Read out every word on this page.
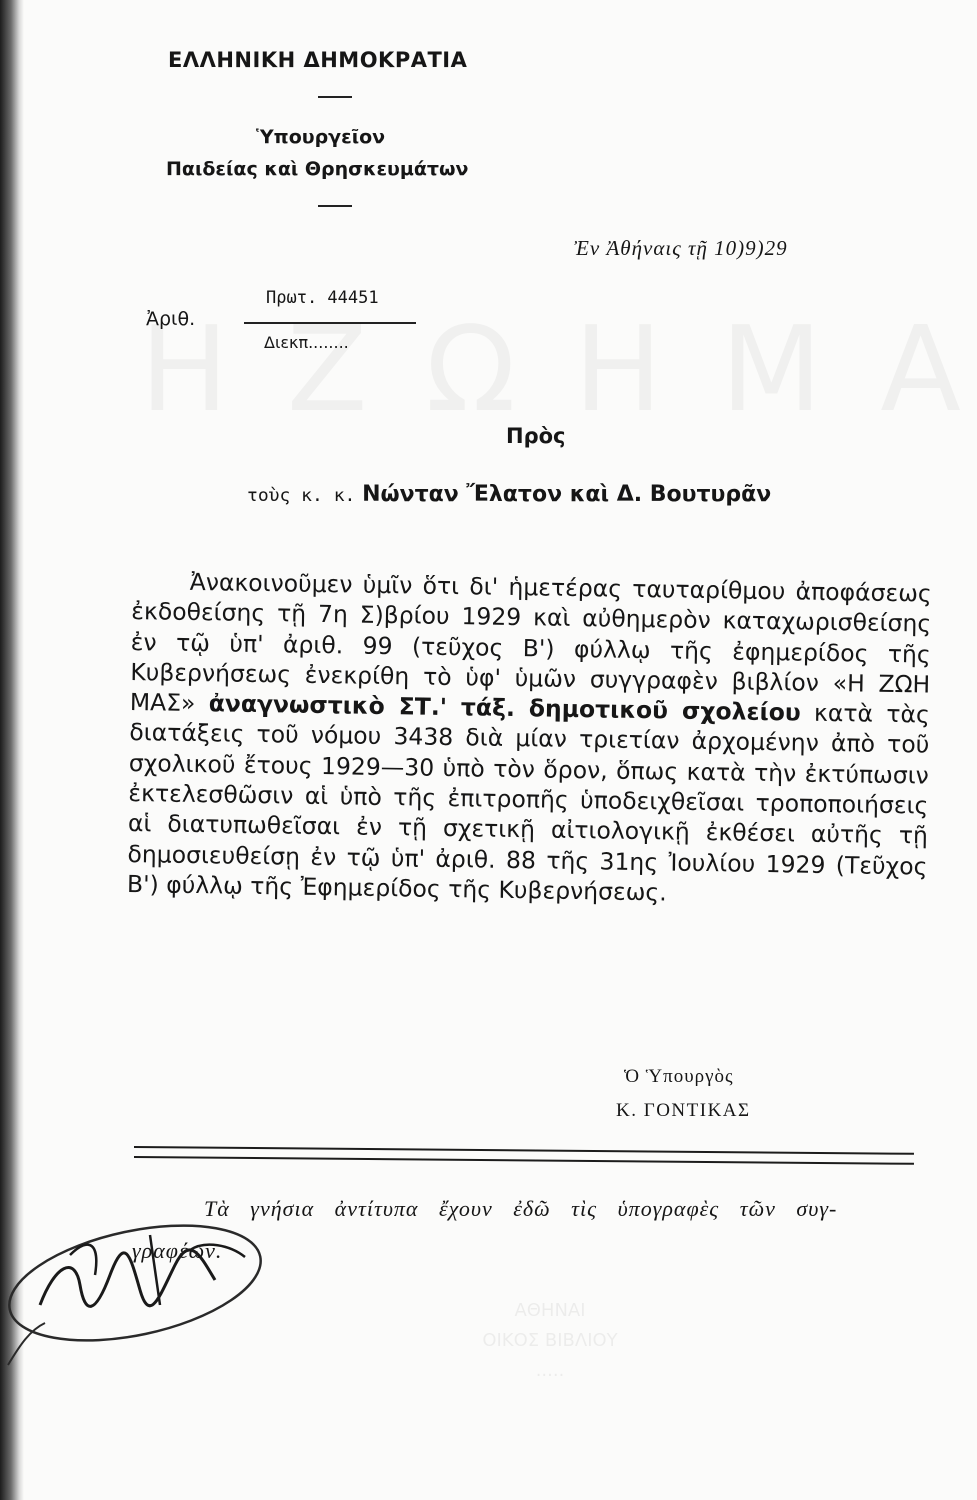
ΕΛΛΗΝΙΚΗ ΔΗΜΟΚΡΑΤΙΑ
Ὑπουργεῖον
Παιδείας καὶ Θρησκευμάτων
Ἐν Ἀθήναις τῇ 10)9)29
Ἀριθ.
Πρωτ. 44451
Διεκπ........
Πρὸς
τοὺς κ. κ. Νώνταν Ἔλατον καὶ Δ. Βουτυρᾶν
Ἀνακοινοῦμεν ὑμῖν ὅτι δι' ἡμετέρας ταυταρίθμου ἀποφάσεως ἐκδοθείσης τῇ 7η Σ)βρίου 1929 καὶ αὐθημερὸν καταχωρισθείσης ἐν τῷ ὑπ' ἀριθ. 99 (τεῦχος Β') φύλλῳ τῆς ἐφημερίδος τῆς Κυβερνήσεως ἐνεκρίθη τὸ ὑφ' ὑμῶν συγγραφὲν βιβλίον «Η ΖΩΗ ΜΑΣ» ἀναγνωστικὸ ΣΤ.' τάξ. δημοτικοῦ σχολείου κατὰ τὰς διατάξεις τοῦ νόμου 3438 διὰ μίαν τριετίαν ἀρχομένην ἀπὸ τοῦ σχολικοῦ ἔτους 1929—30 ὑπὸ τὸν ὅρον, ὅπως κατὰ τὴν ἐκτύπωσιν ἐκτελεσθῶσιν αἱ ὑπὸ τῆς ἐπιτροπῆς ὑποδειχθεῖσαι τροποποιήσεις αἱ διατυπωθεῖσαι ἐν τῇ σχετικῇ αἰτιολογικῇ ἐκθέσει αὐτῆς τῇ δημοσιευθείσῃ ἐν τῷ ὑπ' ἀριθ. 88 τῆς 31ης Ἰουλίου 1929 (Τεῦχος Β') φύλλῳ τῆς Ἐφημερίδος τῆς Κυβερνήσεως.
Ὁ Ὑπουργὸς
Κ. ΓΟΝΤΙΚΑΣ
Τὰ γνήσια ἀντίτυπα ἔχουν ἐδῶ τὶς ὑπογραφὲς τῶν συγ-
γραφέων.
ΑΘΗΝΑΙ
ΟΙΚΟΣ ΒΙΒΛΙΟΥ
.....
